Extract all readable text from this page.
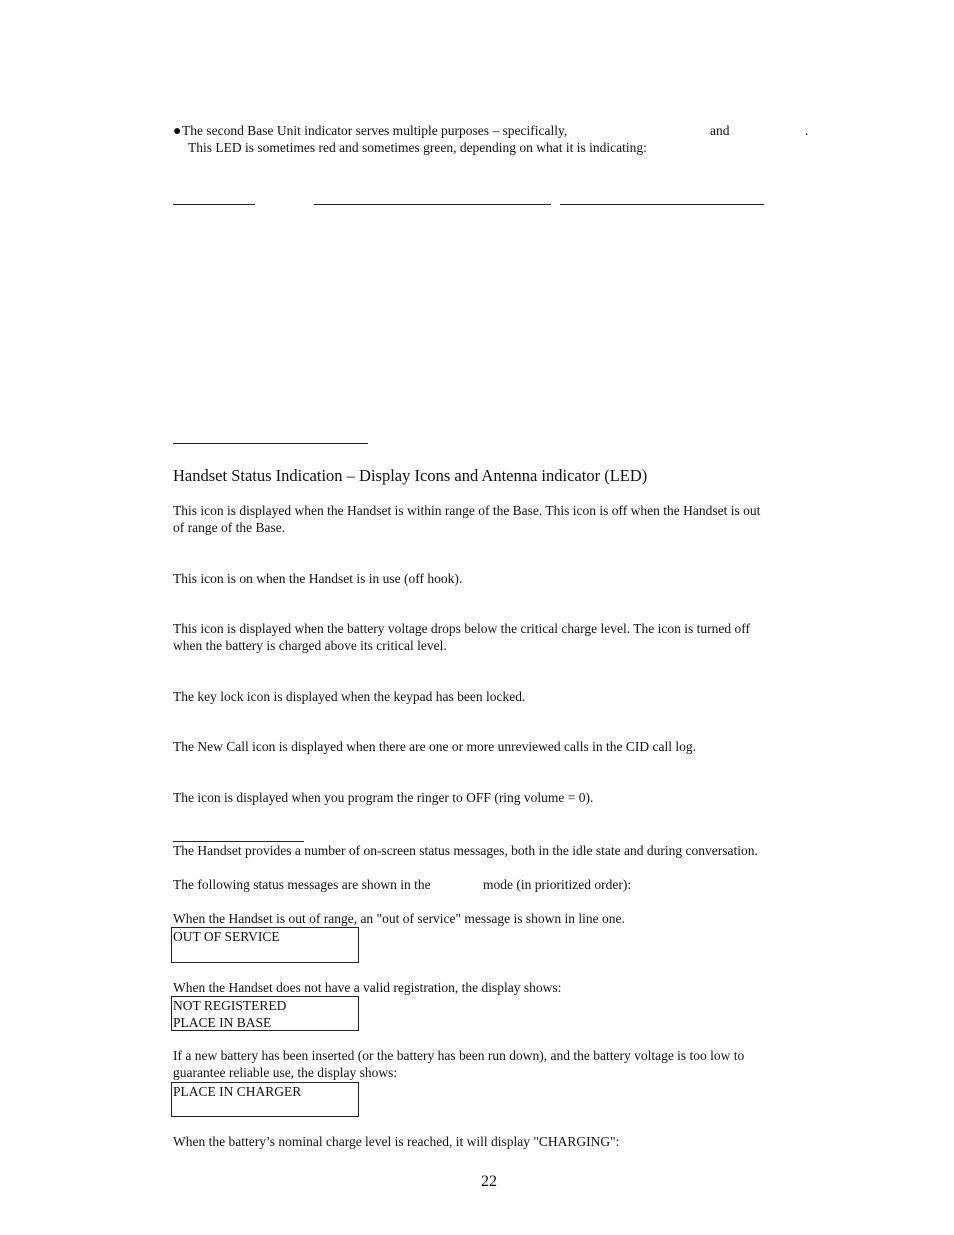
● The second Base Unit indicator serves multiple purposes – specifically,	and	.
This LED is sometimes red and sometimes green, depending on what it is indicating:
Handset Status Indication – Display Icons and Antenna indicator (LED)
This icon is displayed when the Handset is within range of the Base. This icon is off when the Handset is out
of range of the Base.
This icon is on when the Handset is in use (off hook).
This icon is displayed when the battery voltage drops below the critical charge level. The icon is turned off
when the battery is charged above its critical level.
The key lock icon is displayed when the keypad has been locked.
The New Call icon is displayed when there are one or more unreviewed calls in the CID call log.
The icon is displayed when you program the ringer to OFF (ring volume = 0).
The Handset provides a number of on-screen status messages, both in the idle state and during conversation.
The following status messages are shown in the	mode (in prioritized order):
When the Handset is out of range, an "out of service" message is shown in line one.
OUT OF SERVICE
When the Handset does not have a valid registration, the display shows:
NOT REGISTERED
PLACE IN BASE
If a new battery has been inserted (or the battery has been run down), and the battery voltage is too low to
guarantee reliable use, the display shows:
PLACE IN CHARGER
When the battery’s nominal charge level is reached, it will display "CHARGING":
22
